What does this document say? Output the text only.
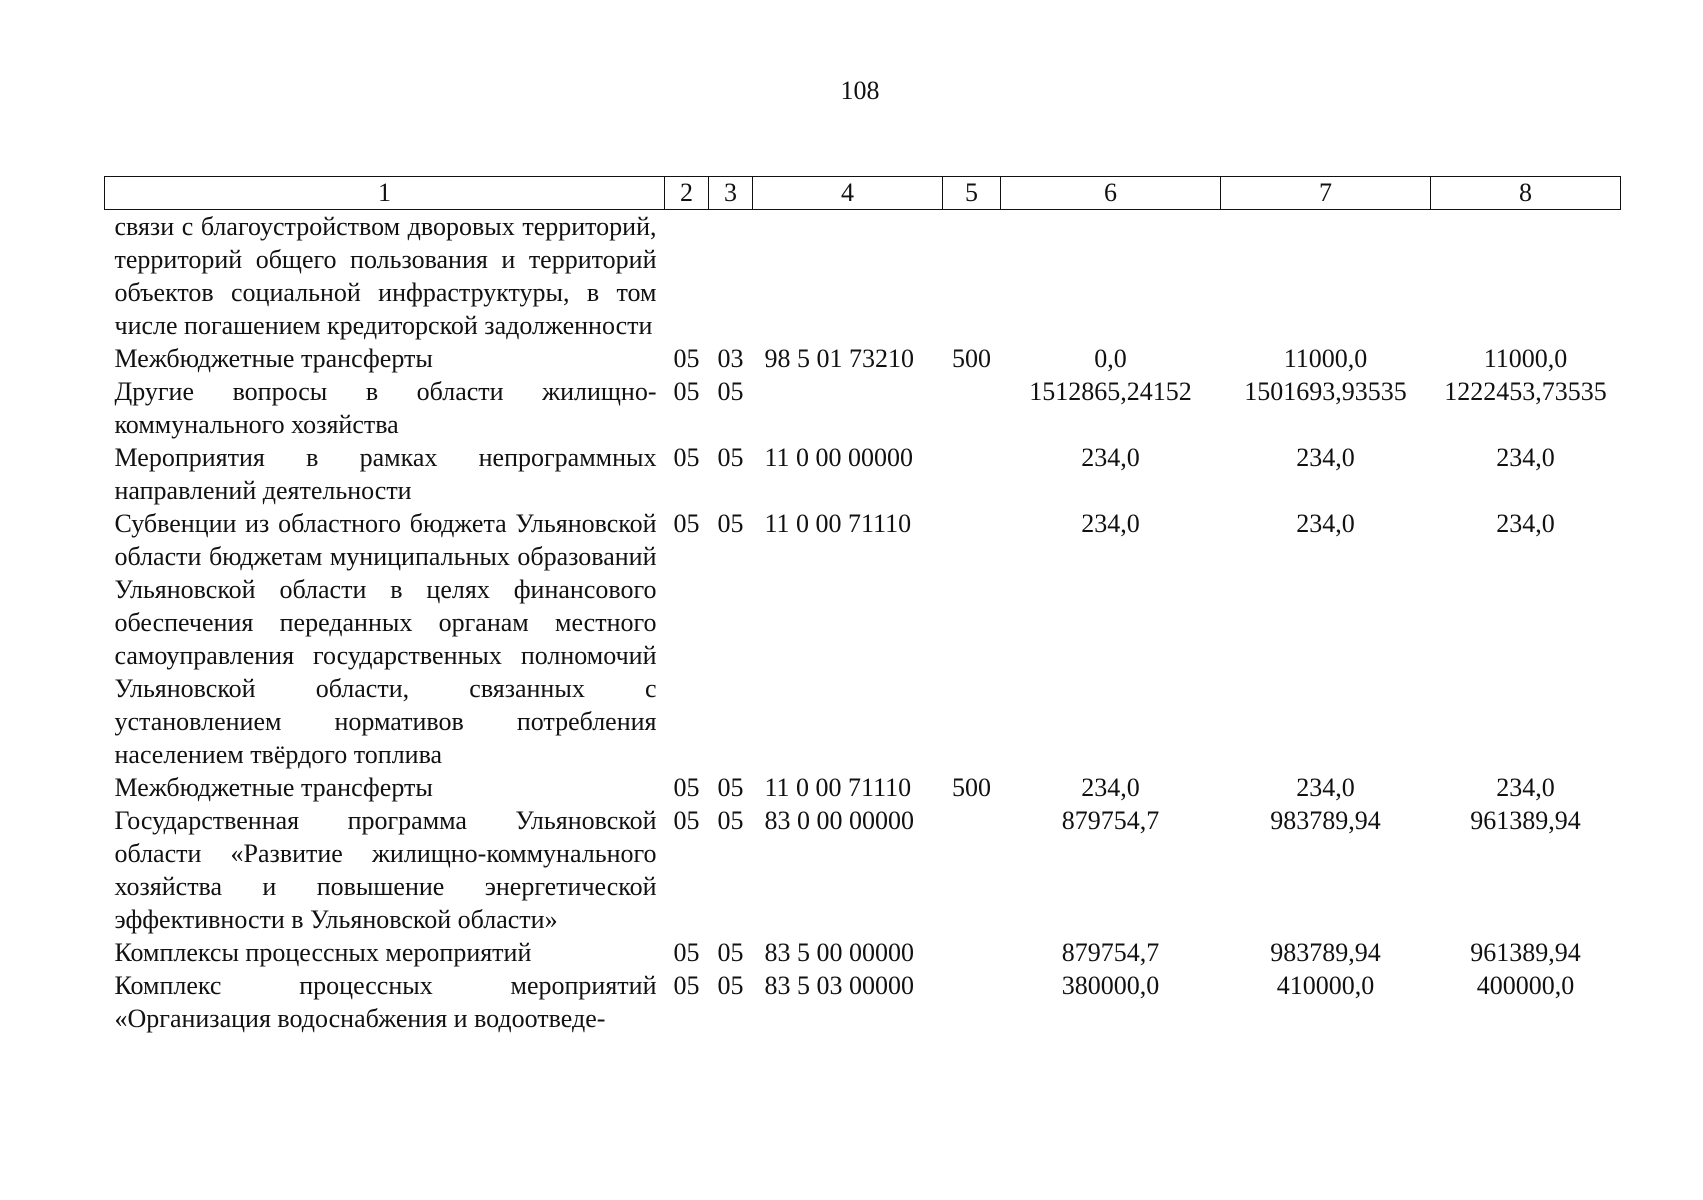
108
1	2	3	4	5	6	7	8
связи с благоустройством дворовых территорий, территорий общего пользования и территорий объектов социальной инфраструктуры, в том числе погашением кредиторской задолженности							
Межбюджетные трансферты	05	03	98 5 01 73210	500	0,0	11000,0	11000,0
Другие вопросы в области жилищно-коммунального хозяйства	05	05			1512865,24152	1501693,93535	1222453,73535
Мероприятия в рамках непрограммных направлений деятельности	05	05	11 0 00 00000		234,0	234,0	234,0
Субвенции из областного бюджета Ульяновской области бюджетам муниципальных образований Ульяновской области в целях финансового обеспечения переданных органам местного самоуправления государственных полномочий Ульяновской области, связанных с установлением нормативов потребления населением твёрдого топлива	05	05	11 0 00 71110		234,0	234,0	234,0
Межбюджетные трансферты	05	05	11 0 00 71110	500	234,0	234,0	234,0
Государственная программа Ульяновской области «Развитие жилищно-коммунального хозяйства и повышение энергетической эффективности в Ульяновской области»	05	05	83 0 00 00000		879754,7	983789,94	961389,94
Комплексы процессных мероприятий	05	05	83 5 00 00000		879754,7	983789,94	961389,94
Комплекс процессных мероприятий «Организация водоснабжения и водоотведе-	05	05	83 5 03 00000		380000,0	410000,0	400000,0
